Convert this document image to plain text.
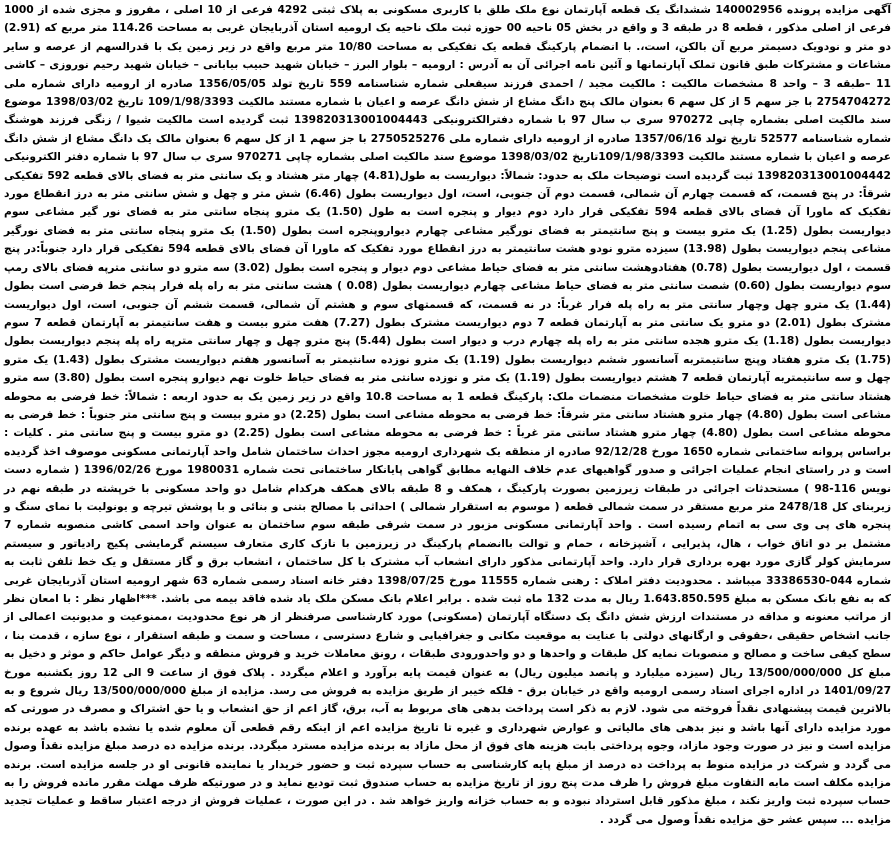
آگهی مزایده پرونده 140002956 ششدانگ یک قطعه آپارتمان نوع ملک طلق با کاربری مسکونی به پلاک ثبتی 4292 فرعی از 10 اصلی ، مفروز و مجزی شده از 1000 فرعی از اصلی مذکور ، قطعه 8 در طبقه 3 و واقع در بخش 05 ناحیه 00 حوزه ثبت ملک ناحیه یک ارومیه استان آذربایجان غربی به مساحت 114.26 متر مربع که (2.91) دو متر و نودویک دسیمتر مربع آن بالکن، است،. با انضمام پارکینگ قطعه یک تفکیکی به مساحت 10/80 متر مربع واقع در زیر زمین یک با قدرالسهم از عرصه و سایر مشاعات و مشترکات طبق قانون تملک آپارتمانها و آئین نامه اجرائی آن به آدرس : ارومیه – بلوار البرز – خیابان شهید حبیب بیابانی – خیابان شهید رحیم نوروزی – کاشی 11 –طبقه 3 – واحد 8 مشخصات مالکیت : مالکیت مجید / احمدی فرزند سیفعلی شماره شناسنامه 559 تاریخ تولد 1356/05/05 صادره از ارومیه دارای شماره ملی 2754704272 با جز سهم 5 از کل سهم 6 بعنوان مالک پنج دانگ مشاع از شش دانگ عرصه و اعیان با شماره مستند مالکیت 109/1/98/3393 تاریخ 1398/03/02 موضوع سند مالکیت اصلی بشماره چاپی 970272 سری ب سال 97 با شماره دفترالکترونیکی 139820313001004443 ثبت گردیده است مالکیت شیوا / زنگی فرزند هوشنگ شماره شناسنامه 52577 تاریخ تولد 1357/06/16 صادره از ارومیه دارای شماره ملی 2750525276 با جز سهم 1 از کل سهم 6 بعنوان مالک یک دانگ مشاع از شش دانگ عرصه و اعیان با شماره مستند مالکیت 109/1/98/3393تاریخ 1398/03/02 موضوع سند مالکیت اصلی بشماره چاپی 970271 سری ب سال 97 با شماره دفتر الکترونیکی 139820313001004442 ثبت گردیده است توضیحات ملک به حدود: شمالاً: دیواریست به طول(4.81) چهار متر هشتاد و یک سانتی متر به فضای بالای قطعه 592 تفکیکی شرقاً: در پنج قسمت، که قسمت چهارم آن شمالی، قسمت دوم آن جنوبی، است، اول دیواریست بطول (6.46) شش متر و چهل و شش سانتی متر به درز انقطاع مورد تفکیک که ماورا آن فضای بالای قطعه 594 تفکیکی قرار دارد دوم دیوار و پنجره است به طول (1.50) یک مترو پنجاه سانتی متر به فضای نور گیر مشاعی سوم دیواریست بطول (1.25) یک مترو بیست و پنج سانتیمتر به فضای نورگیر مشاعی چهارم دیواروپنجره است بطول (1.50) یک مترو پنجاه سانتی متر به فضای نورگیر مشاعی پنجم دیواریست بطول (13.98) سیزده مترو نودو هشت سانتیمتر به درز انقطاع مورد تفکیک که ماورا آن فضای بالای قطعه 594 تفکیکی قرار دارد جنوباً:در پنج قسمت ، اول دیواریست بطول (0.78) هفتادوهشت سانتی متر به فضای حیاط مشاعی دوم دیوار و پنجره است بطول (3.02) سه مترو دو سانتی مترپه فضای بالای رمپ سوم دیواریست بطول (0.60) شصت سانتی متر به فضای حیاط مشاعی چهارم دیواریست بطول (0.08 ) هشت سانتی متر به راه پله فرار پنجم خط فرضی است بطول (1.44) یک مترو چهل وچهار سانتی متر به راه پله فرار غرباً: در نه قسمت، که قسمتهای سوم و هشتم آن شمالی، قسمت ششم آن جنوبی، است، اول دیواریست مشترک بطول (2.01) دو مترو یک سانتی متر به آپارتمان قطعه 7 دوم دیواریست مشترک بطول (7.27) هفت مترو بیست و هفت سانتیمتر به آپارتمان قطعه 7 سوم دیواریست بطول (1.18) یک مترو هجده سانتی متر به راه پله چهارم درب و دیوار است بطول (5.44) پنج مترو چهل و چهار سانتی مترپه راه پله پنجم دیواریست بطول (1.75) یک مترو هفتاد وپنج سانتیمتربه آسانسور ششم دیواریست بطول (1.19) یک مترو نوزده سانتیمتر به آسانسور هفتم دیواریست مشترک بطول (1.43) یک مترو چهل و سه سانتیمتربه آپارتمان قطعه 7 هشتم دیواریست بطول (1.19) یک متر و نوزده سانتی متر به فضای حیاط خلوت نهم دیوارو پنجره است بطول (3.80) سه مترو هشتاد سانتی متر به فضای حیاط خلوت مشخصات منضمات ملک: پارکینگ قطعه 1 به مساحت 10.8 واقع در زیر زمین یک به حدود اربعه : شمالاً: خط فرضی به محوطه مشاعی است بطول (4.80) چهار مترو هشتاد سانتی متر شرقاً: خط فرضی به محوطه مشاعی است بطول (2.25) دو مترو بیست و پنج سانتی متر جنوباً : خط فرضی به محوطه مشاعی است بطول (4.80) چهار مترو هشتاد سانتی متر غرباً : خط فرضی به محوطه مشاعی است بطول (2.25) دو مترو بیست و پنج سانتی متر . کلیات : براساس پروانه ساختمانی شماره 1650 مورخ 92/12/28 صادره از منطقه یک شهرداری ارومیه مجوز احداث ساختمان شامل واحد آپارتمانی مسکونی موصوف اخذ گردیده است و در راستای انجام عملیات اجرائی و صدور گواهیهای عدم خلاف النهایه مطابق گواهی پایانکار ساختمانی تحت شماره 1980031 مورخ 1396/02/26 ( شماره دست نویس 116-98 ) مستحدثات اجرائی در طبقات زیرزمین بصورت پارکینگ ، همکف و 8 طبقه بالای همکف هرکدام شامل دو واحد مسکونی با خرپشته در طبقه نهم در زیربنای کل 2478/18 متر مربع مستقر در سمت شمالی قطعه ( موسوم به استقرار شمالی ) احداثی با مصالح بتنی و بنائی و با پوشش تیرچه و یونولیت با نمای سنگ و پنجره های پی وی سی به اتمام رسیده است . واحد آپارتمانی مسکونی مزبور در سمت شرقی طبقه سوم ساختمان به عنوان واحد اسمی کاشی منصوبه شماره 7 مشتمل بر دو اتاق خواب ، هال، پذیرایی ، آشپزخانه ، حمام و توالت باانضمام پارکینگ در زیرزمین با نازک کاری متعارف سیستم گرمایشی پکیج رادیاتور و سیستم سرمایش کولر گازی مورد بهره برداری قرار دارد. واحد آپارتمانی مذکور دارای انشعاب آب مشترک با کل ساختمان ، انشعاب برق و گاز مستقل و یک خط تلفن ثابت به شماره 044-33386530 میباشد . محدودیت دفتر املاک : رهنی شماره 11555 مورخ 1398/07/25 دفتر خانه اسناد رسمی شماره 63 شهر ارومیه استان آذربایجان غربی که به نفع بانک مسکن به مبلغ 1.643.850.595 ریال به مدت 132 ماه ثبت شده . برابر اعلام بانک مسکن ملک یاد شده فاقد بیمه می باشد. ***اظهار نظر : با امعان نظر از مراتب معنونه و مداقه در مستندات ارزش شش دانگ یک دستگاه آپارتمان (مسکونی) مورد کارشناسی صرفنظر از هر نوع محدودیت ،ممنوعیت و مدیونیت اعمالی از جانب اشخاص حقیقی ،حقوقی و ارگانهای دولتی با عنایت به موقعیت مکانی و جغرافیایی و شارع دسترسی ، مساحت و سمت و طبقه استقرار ، نوع سازه ، قدمت بنا ، سطح کیفی ساخت و مصالح و منصوبات نمایه کل طبقات و واحدها و دو واحدورودی طبقات ، رونق معاملات خرید و فروش منطقه و دیگر عوامل حاکم و موثر و دخیل به مبلغ کل 13/500/000/000 ریال (سیزده میلیارد و پانصد میلیون ریال) به عنوان قیمت پایه برآورد و اعلام میگردد . پلاک فوق از ساعت 9 الی 12 روز یکشنبه مورخ 1401/09/27 در اداره اجرای اسناد رسمی ارومیه واقع در خیابان برق - فلکه خیبر از طریق مزایده به فروش می رسد. مزایده از مبلغ 13/500/000/000 ریال شروع و به بالاترین قیمت پیشنهادی نقداً فروخته می شود. لازم به ذکر است پرداخت بدهی های مربوط به آب، برق، گاز اعم از حق انشعاب و یا حق اشتراک و مصرف در صورتی که مورد مزایده دارای آنها باشد و نیز بدهی های مالیاتی و عوارض شهرداری و غیره تا تاریخ مزایده اعم از اینکه رقم قطعی آن معلوم شده یا نشده باشد به عهده برنده مزایده است و نیز در صورت وجود مازاد، وجوه پرداختی بابت هزینه های فوق از محل مازاد به برنده مزایده مسترد میگردد. برنده مزایده ده درصد مبلغ مزایده نقداً وصول می گردد و شرکت در مزایده منوط به پرداخت ده درصد از مبلغ پایه کارشناسی به حساب سپرده ثبت و حضور خریدار یا نماینده قانونی او در جلسه مزایده است. برنده مزایده مکلف است مابه التفاوت مبلغ فروش را ظرف مدت پنج روز از تاریخ مزایده به حساب صندوق ثبت تودیع نماید و در صورتیکه ظرف مهلت مقرر مانده فروش را به حساب سپرده ثبت واریز نکند ، مبلغ مذکور قابل استرداد نبوده و به حساب خزانه واریز خواهد شد . در این صورت ، عملیات فروش از درجه اعتبار ساقط و عملیات تجدید مزایده ... سپس عشر حق مزایده نقداً وصول می گردد .
